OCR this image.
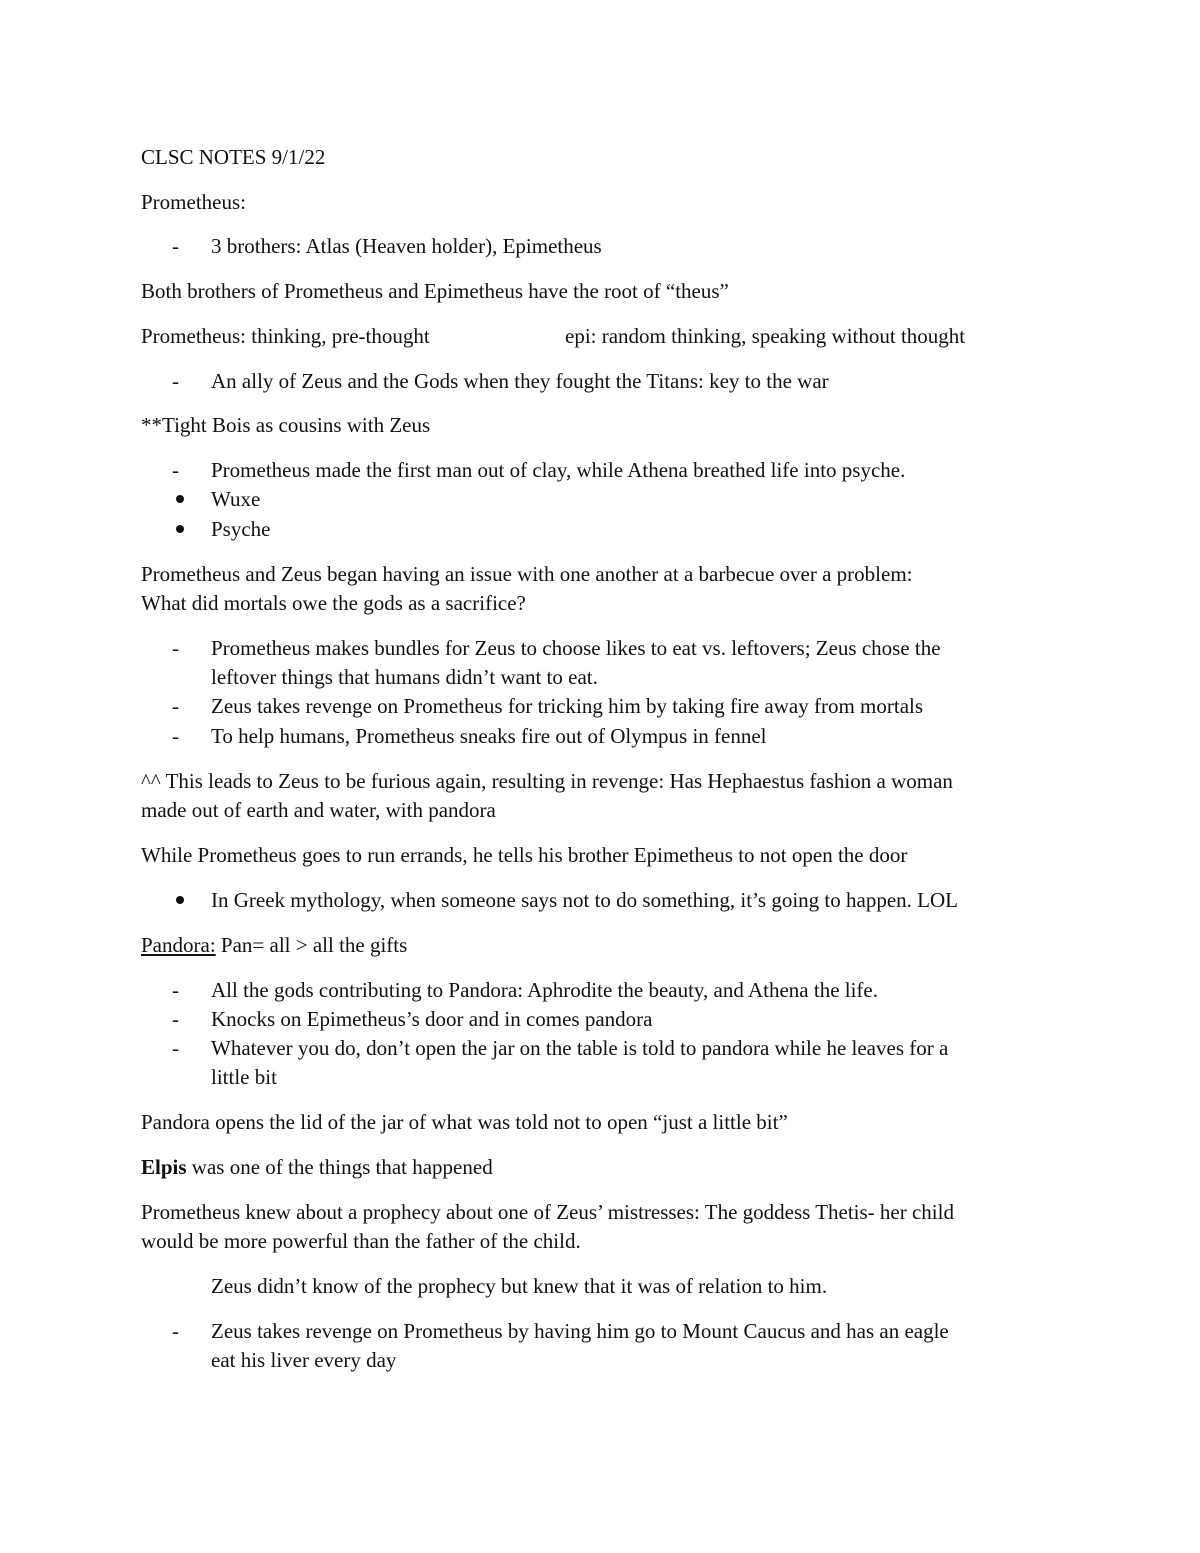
CLSC NOTES 9/1/22
Prometheus:
-	3 brothers: Atlas (Heaven holder), Epimetheus
Both brothers of Prometheus and Epimetheus have the root of “theus”
Prometheus: thinking, pre-thought	epi: random thinking, speaking without thought
-	An ally of Zeus and the Gods when they fought the Titans: key to the war
**Tight Bois as cousins with Zeus
-	Prometheus made the first man out of clay, while Athena breathed life into psyche.
Wuxe
Psyche
Prometheus and Zeus began having an issue with one another at a barbecue over a problem:
What did mortals owe the gods as a sacrifice?
-	Prometheus makes bundles for Zeus to choose likes to eat vs. leftovers; Zeus chose the
leftover things that humans didn’t want to eat.
-	Zeus takes revenge on Prometheus for tricking him by taking fire away from mortals
-	To help humans, Prometheus sneaks fire out of Olympus in fennel
^^ This leads to Zeus to be furious again, resulting in revenge: Has Hephaestus fashion a woman
made out of earth and water, with pandora
While Prometheus goes to run errands, he tells his brother Epimetheus to not open the door
In Greek mythology, when someone says not to do something, it’s going to happen. LOL
Pandora: Pan= all > all the gifts
-	All the gods contributing to Pandora: Aphrodite the beauty, and Athena the life.
-	Knocks on Epimetheus’s door and in comes pandora
-	Whatever you do, don’t open the jar on the table is told to pandora while he leaves for a
little bit
Pandora opens the lid of the jar of what was told not to open “just a little bit”
Elpis was one of the things that happened
Prometheus knew about a prophecy about one of Zeus’ mistresses: The goddess Thetis- her child
would be more powerful than the father of the child.
Zeus didn’t know of the prophecy but knew that it was of relation to him.
-	Zeus takes revenge on Prometheus by having him go to Mount Caucus and has an eagle
eat his liver every day
